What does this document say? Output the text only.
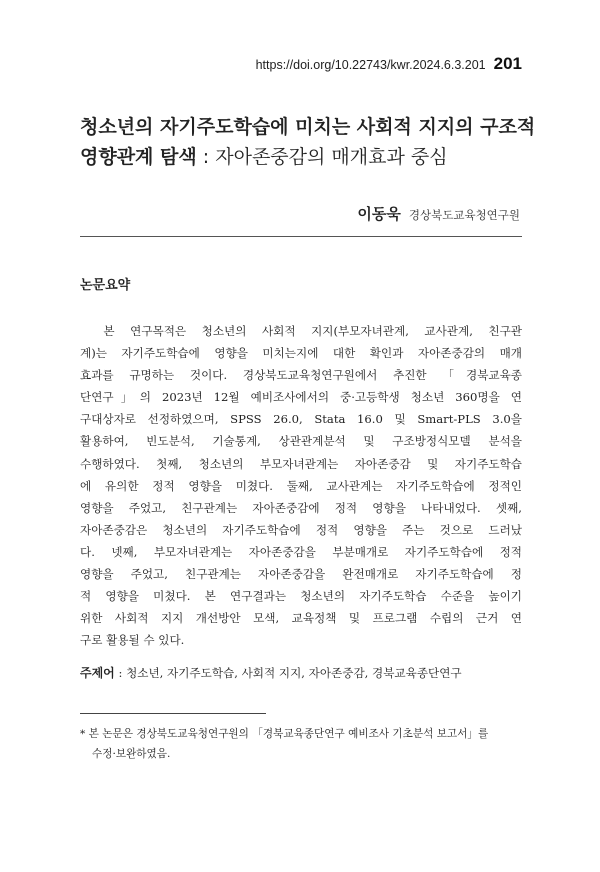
https://doi.org/10.22743/kwr.2024.6.3.201 201
청소년의 자기주도학습에 미치는 사회적 지지의 구조적
영향관계 탐색 : 자아존중감의 매개효과 중심
이동욱 경상북도교육청연구원
논문요약
　본 연구목적은 청소년의 사회적 지지(부모자녀관계, 교사관계, 친구관
계)는 자기주도학습에 영향을 미치는지에 대한 확인과 자아존중감의 매개
효과를 규명하는 것이다. 경상북도교육청연구원에서 추진한 「경북교육종
단연구」의 2023년 12월 예비조사에서의 중·고등학생 청소년 360명을 연
구대상자로 선정하였으며, SPSS 26.0, Stata 16.0 및 Smart-PLS 3.0을
활용하여, 빈도분석, 기술통계, 상관관계분석 및 구조방정식모델 분석을
수행하였다. 첫째, 청소년의 부모자녀관계는 자아존중감 및 자기주도학습
에 유의한 정적 영향을 미쳤다. 둘째, 교사관계는 자기주도학습에 정적인
영향을 주었고, 친구관계는 자아존중감에 정적 영향을 나타내었다. 셋째,
자아존중감은 청소년의 자기주도학습에 정적 영향을 주는 것으로 드러났
다. 넷째, 부모자녀관계는 자아존중감을 부분매개로 자기주도학습에 정적
영향을 주었고, 친구관계는 자아존중감을 완전매개로 자기주도학습에 정
적 영향을 미쳤다. 본 연구결과는 청소년의 자기주도학습 수준을 높이기
위한 사회적 지지 개선방안 모색, 교육정책 및 프로그램 수립의 근거 연
구로 활용될 수 있다.
주제어 : 청소년, 자기주도학습, 사회적 지지, 자아존중감, 경북교육종단연구
* 본 논문은 경상북도교육청연구원의 「경북교육종단연구 예비조사 기초분석 보고서」를
수정·보완하였음.
